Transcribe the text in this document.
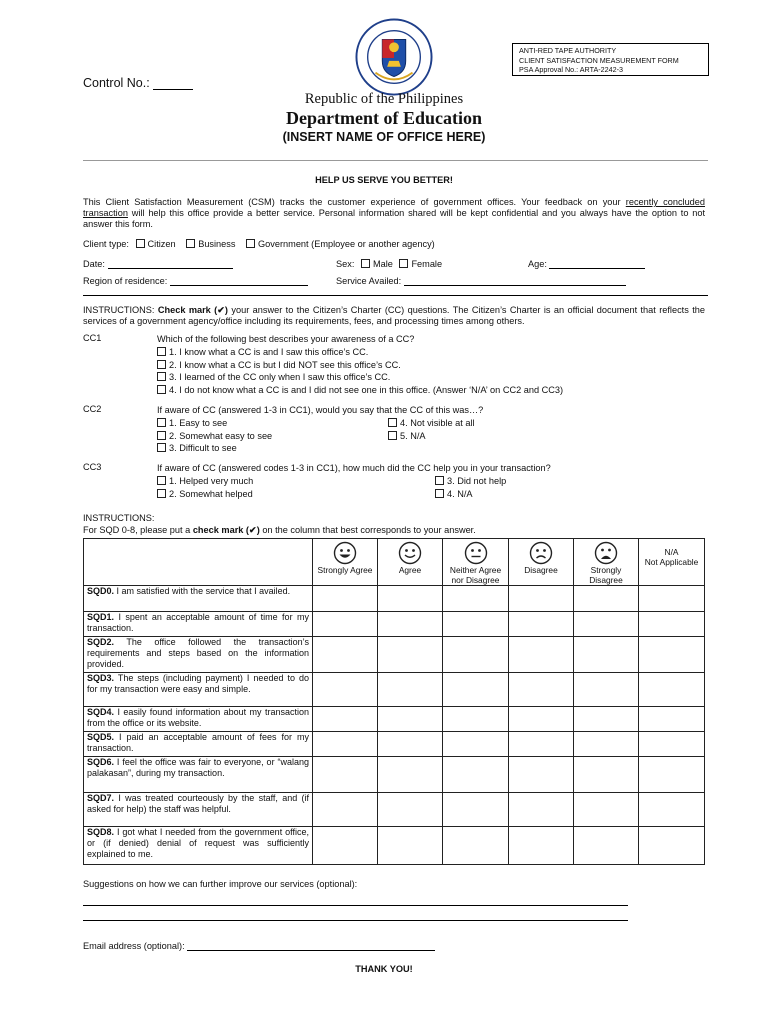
ANTI-RED TAPE AUTHORITY
CLIENT SATISFACTION MEASUREMENT FORM
PSA Approval No.: ARTA-2242-3
Control No.:
Republic of the Philippines
Department of Education
(INSERT NAME OF OFFICE HERE)
HELP US SERVE YOU BETTER!
This Client Satisfaction Measurement (CSM) tracks the customer experience of government offices. Your feedback on your recently concluded transaction will help this office provide a better service. Personal information shared will be kept confidential and you always have the option to not answer this form.
Client type: Citizen Business Government (Employee or another agency)
Date:	Sex: Male Female	Age:
Region of residence:	Service Availed:
INSTRUCTIONS: Check mark (✔) your answer to the Citizen’s Charter (CC) questions. The Citizen’s Charter is an official document that reflects the services of a government agency/office including its requirements, fees, and processing times among others.
CC1	Which of the following best describes your awareness of a CC?
1. I know what a CC is and I saw this office’s CC.
2. I know what a CC is but I did NOT see this office’s CC.
3. I learned of the CC only when I saw this office’s CC.
4. I do not know what a CC is and I did not see one in this office. (Answer ‘N/A’ on CC2 and CC3)
CC2	If aware of CC (answered 1-3 in CC1), would you say that the CC of this was…?
1. Easy to see
2. Somewhat easy to see
3. Difficult to see
4. Not visible at all
5. N/A
CC3	If aware of CC (answered codes 1-3 in CC1), how much did the CC help you in your transaction?
1. Helped very much
2. Somewhat helped
3. Did not help
4. N/A
INSTRUCTIONS:
For SQD 0-8, please put a check mark (✔) on the column that best corresponds to your answer.

Strongly Agree	Agree	Neither Agree nor Disagree	Disagree	Strongly Disagree	N/A
Not Applicable

SQD0. I am satisfied with the service that I availed.						
SQD1. I spent an acceptable amount of time for my transaction.						
SQD2. The office followed the transaction’s requirements and steps based on the information provided.						
SQD3. The steps (including payment) I needed to do for my transaction were easy and simple.						
SQD4. I easily found information about my transaction from the office or its website.						
SQD5. I paid an acceptable amount of fees for my transaction.						
SQD6. I feel the office was fair to everyone, or “walang palakasan”, during my transaction.						
SQD7. I was treated courteously by the staff, and (if asked for help) the staff was helpful.						
SQD8. I got what I needed from the government office, or (if denied) denial of request was sufficiently explained to me.						
Suggestions on how we can further improve our services (optional):
Email address (optional):
THANK YOU!
